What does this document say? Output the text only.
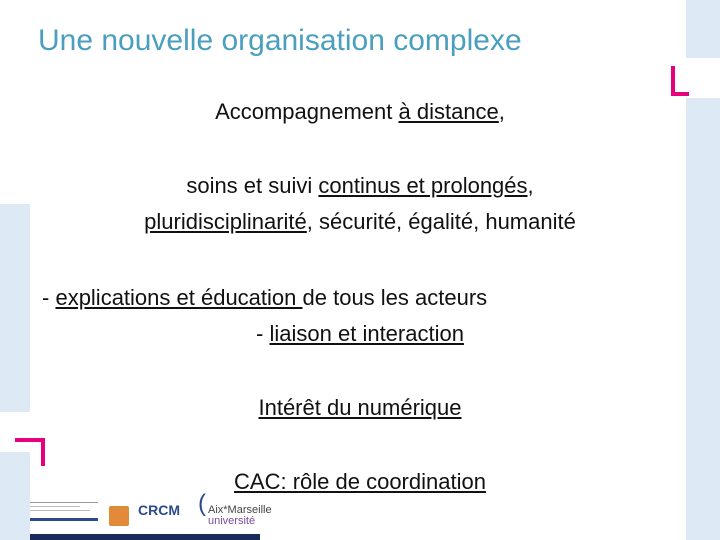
Une nouvelle organisation complexe
Accompagnement à distance,
soins et suivi continus et prolongés,
pluridisciplinarité, sécurité, égalité, humanité
- explications et éducation de tous les acteurs
- liaison et interaction
Intérêt du numérique
CAC: rôle de coordination
CRCM ( Aix*Marseille
université
